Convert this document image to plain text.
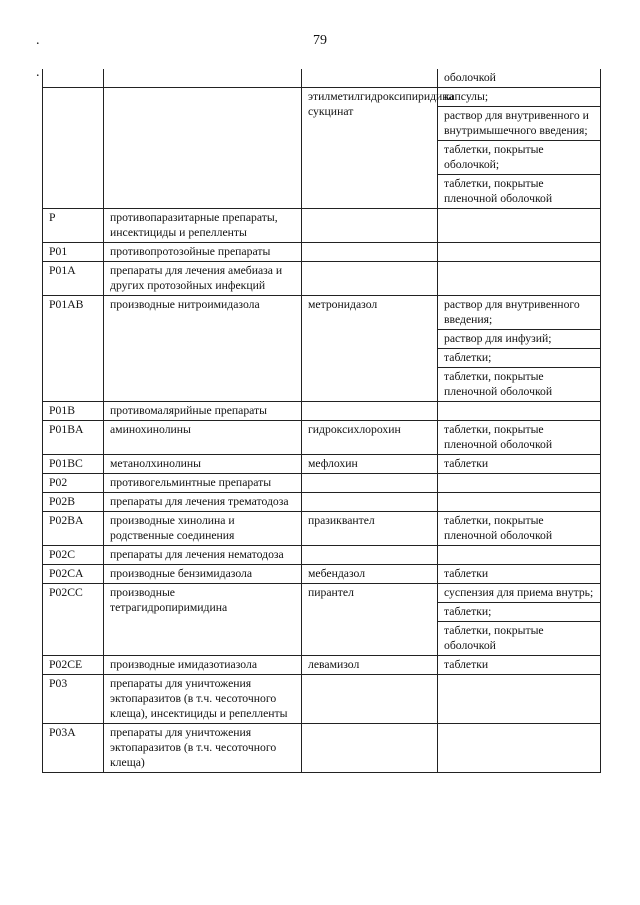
79
.
.
				оболочкой
		этилметилгидроксипиридина сукцинат	капсулы;
			раствор для внутривенного и внутримышечного введения;
			таблетки, покрытые оболочкой;
			таблетки, покрытые пленочной оболочкой
P	противопаразитарные препараты, инсектициды и репелленты		
P01	противопротозойные препараты		
P01A	препараты для лечения амебиаза и других протозойных инфекций		
P01AB	производные нитроимидазола	метронидазол	раствор для внутривенного введения;
			раствор для инфузий;
			таблетки;
			таблетки, покрытые пленочной оболочкой
P01B	противомалярийные препараты		
P01BA	аминохинолины	гидроксихлорохин	таблетки, покрытые пленочной оболочкой
P01BC	метанолхинолины	мефлохин	таблетки
P02	противогельминтные препараты		
P02B	препараты для лечения трематодоза		
P02BA	производные хинолина и родственные соединения	празиквантел	таблетки, покрытые пленочной оболочкой
P02C	препараты для лечения нематодоза		
P02CA	производные бензимидазола	мебендазол	таблетки
P02CC	производные тетрагидропиримидина	пирантел	суспензия для приема внутрь;
			таблетки;
			таблетки, покрытые оболочкой
P02CE	производные имидазотиазола	левамизол	таблетки
P03	препараты для уничтожения эктопаразитов (в т.ч. чесоточного клеща), инсектициды и репелленты		
P03A	препараты для уничтожения эктопаразитов (в т.ч. чесоточного клеща)		
